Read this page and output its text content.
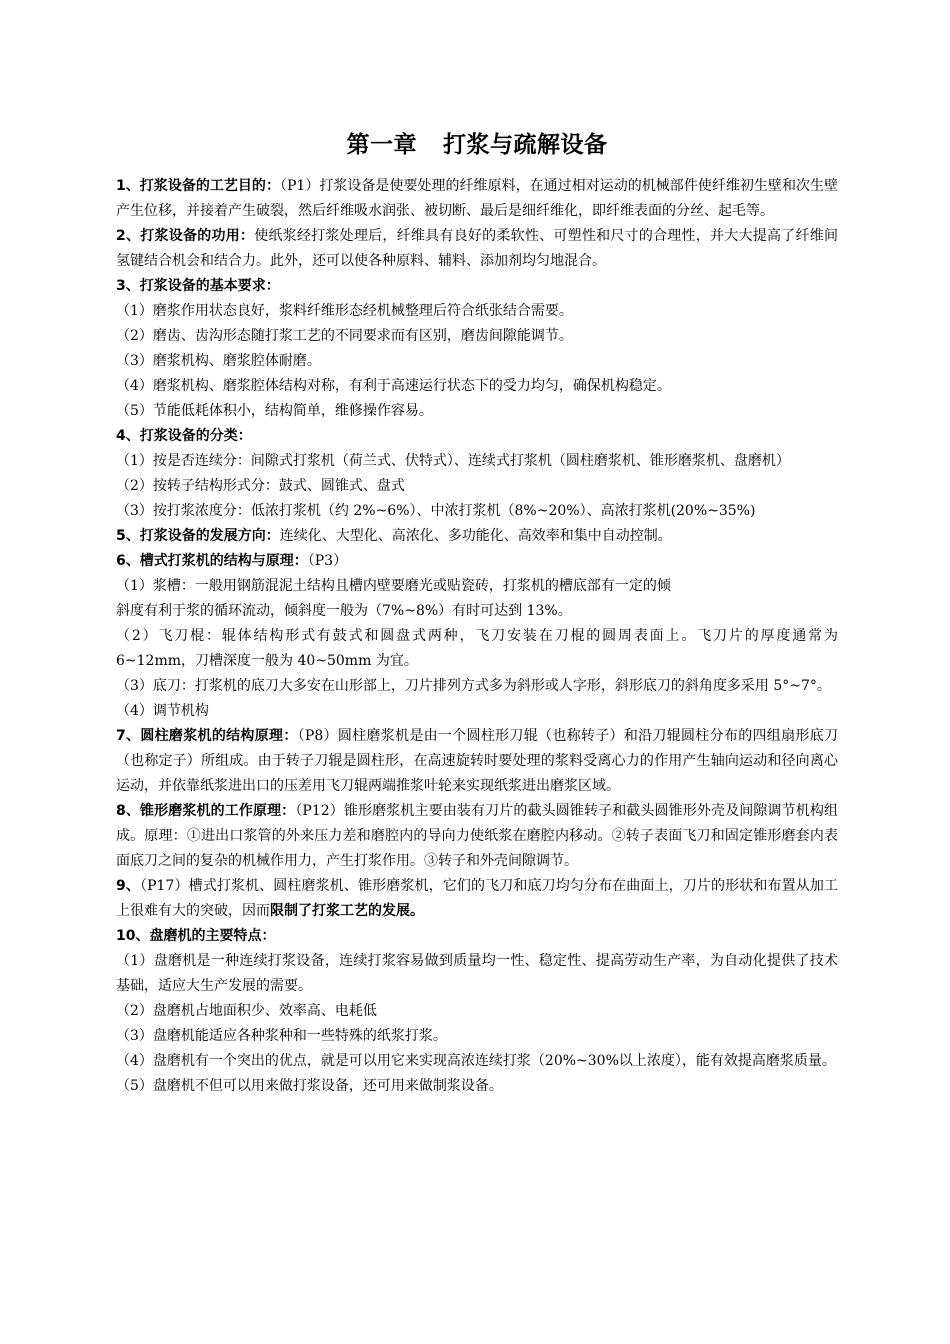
第一章 打浆与疏解设备

1、打浆设备的工艺目的：（P1）打浆设备是使要处理的纤维原料，在通过相对运动的机械部件使纤维初生壁和次生壁产生位移，并接着产生破裂，然后纤维吸水润张、被切断、最后是细纤维化，即纤维表面的分丝、起毛等。

2、打浆设备的功用：使纸浆经打浆处理后，纤维具有良好的柔软性、可塑性和尺寸的合理性，并大大提高了纤维间氢键结合机会和结合力。此外，还可以使各种原料、辅料、添加剂均匀地混合。

3、打浆设备的基本要求：

（1）磨浆作用状态良好，浆料纤维形态经机械整理后符合纸张结合需要。

（2）磨齿、齿沟形态随打浆工艺的不同要求而有区别，磨齿间隙能调节。

（3）磨浆机构、磨浆腔体耐磨。

（4）磨浆机构、磨浆腔体结构对称，有利于高速运行状态下的受力均匀，确保机构稳定。

（5）节能低耗体积小，结构简单，维修操作容易。

4、打浆设备的分类：

（1）按是否连续分：间隙式打浆机（荷兰式、伏特式）、连续式打浆机（圆柱磨浆机、锥形磨浆机、盘磨机）

（2）按转子结构形式分：鼓式、圆锥式、盘式

（3）按打浆浓度分：低浓打浆机（约 2%~6%）、中浓打浆机（8%~20%）、高浓打浆机(20%~35%)

5、打浆设备的发展方向：连续化、大型化、高浓化、多功能化、高效率和集中自动控制。

6、槽式打浆机的结构与原理：（P3）

（1）浆槽：一般用钢筋混泥土结构且槽内壁要磨光或贴瓷砖，打浆机的槽底部有一定的倾

斜度有利于浆的循环流动，倾斜度一般为（7%~8%）有时可达到 13%。

（2）飞刀棍：辊体结构形式有鼓式和圆盘式两种，飞刀安装在刀棍的圆周表面上。飞刀片的厚度通常为 6~12mm，刀槽深度一般为 40~50mm 为宜。

（3）底刀：打浆机的底刀大多安在山形部上，刀片排列方式多为斜形或人字形，斜形底刀的斜角度多采用 5°~7°。

（4）调节机构

7、圆柱磨浆机的结构原理：（P8）圆柱磨浆机是由一个圆柱形刀辊（也称转子）和沿刀辊圆柱分布的四组扇形底刀（也称定子）所组成。由于转子刀辊是圆柱形，在高速旋转时要处理的浆料受离心力的作用产生轴向运动和径向离心运动，并依靠纸浆进出口的压差用飞刀辊两端推浆叶轮来实现纸浆进出磨浆区域。

8、锥形磨浆机的工作原理：（P12）锥形磨浆机主要由装有刀片的截头圆锥转子和截头圆锥形外壳及间隙调节机构组成。原理：①进出口浆管的外来压力差和磨腔内的导向力使纸浆在磨腔内移动。②转子表面飞刀和固定锥形磨套内表面底刀之间的复杂的机械作用力，产生打浆作用。③转子和外壳间隙调节。

9、（P17）槽式打浆机、圆柱磨浆机、锥形磨浆机，它们的飞刀和底刀均匀分布在曲面上，刀片的形状和布置从加工上很难有大的突破，因而限制了打浆工艺的发展。

10、盘磨机的主要特点：

（1）盘磨机是一种连续打浆设备，连续打浆容易做到质量均一性、稳定性、提高劳动生产率，为自动化提供了技术基础，适应大生产发展的需要。

（2）盘磨机占地面积少、效率高、电耗低

（3）盘磨机能适应各种浆种和一些特殊的纸浆打浆。

（4）盘磨机有一个突出的优点，就是可以用它来实现高浓连续打浆（20%~30%以上浓度），能有效提高磨浆质量。

（5）盘磨机不但可以用来做打浆设备，还可用来做制浆设备。
